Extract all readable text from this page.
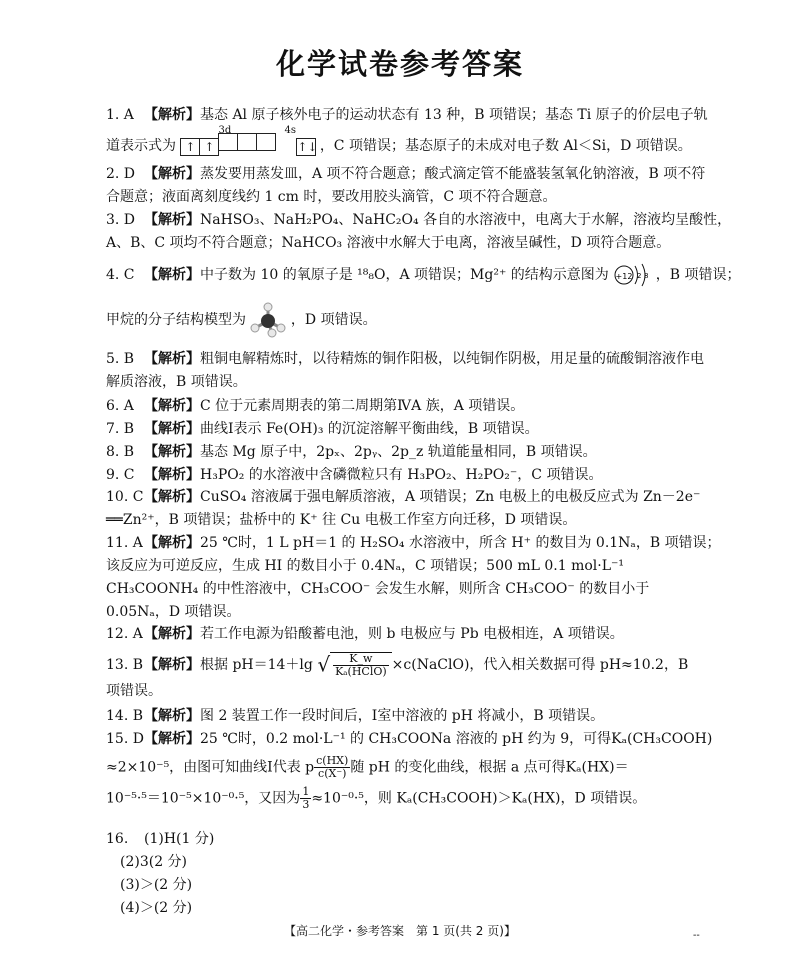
化学试卷参考答案
1. A 【解析】基态 Al 原子核外电子的运动状态有 13 种，B 项错误；基态 Ti 原子的价层电子轨
道表示式为
3d
↑ ↑
4s
↑↓ ，C 项错误；基态原子的未成对电子数 Al＜Si，D 项错误。
2. D 【解析】蒸发要用蒸发皿，A 项不符合题意；酸式滴定管不能盛装氢氧化钠溶液，B 项不符
合题意；液面离刻度线约 1 cm 时，要改用胶头滴管，C 项不符合题意。
3. D 【解析】NaHSO₃、NaH₂PO₄、NaHC₂O₄ 各自的水溶液中，电离大于水解，溶液均呈酸性，
A、B、C 项均不符合题意；NaHCO₃ 溶液中水解大于电离，溶液呈碱性，D 项符合题意。
4. C 【解析】中子数为 10 的氧原子是 ¹⁸₈O，A 项错误；Mg²⁺ 的结构示意图为 +12 2 8 ，B 项错误；
甲烷的分子结构模型为	，D 项错误。
5. B 【解析】粗铜电解精炼时，以待精炼的铜作阳极，以纯铜作阴极，用足量的硫酸铜溶液作电
解质溶液，B 项错误。
6. A 【解析】C 位于元素周期表的第二周期第ⅣA 族，A 项错误。
7. B 【解析】曲线Ⅰ表示 Fe(OH)₃ 的沉淀溶解平衡曲线，B 项错误。
8. B 【解析】基态 Mg 原子中，2pₓ、2pᵧ、2p_z 轨道能量相同，B 项错误。
9. C 【解析】H₃PO₂ 的水溶液中含磷微粒只有 H₃PO₂、H₂PO₂⁻，C 项错误。
10. C【解析】CuSO₄ 溶液属于强电解质溶液，A 项错误；Zn 电极上的电极反应式为 Zn－2e⁻
══Zn²⁺，B 项错误；盐桥中的 K⁺ 往 Cu 电极工作室方向迁移，D 项错误。
11. A【解析】25 ℃时，1 L pH＝1 的 H₂SO₄ 水溶液中，所含 H⁺ 的数目为 0.1Nₐ，B 项错误；
该反应为可逆反应，生成 HI 的数目小于 0.4Nₐ，C 项错误；500 mL 0.1 mol·L⁻¹
CH₃COONH₄ 的中性溶液中，CH₃COO⁻ 会发生水解，则所含 CH₃COO⁻ 的数目小于
0.05Nₐ，D 项错误。
12. A【解析】若工作电源为铅酸蓄电池，则 b 电极应与 Pb 电极相连，A 项错误。
13. B【解析】根据 pH＝14＋lg √ $\frac{K\_w}{\text{Kₐ(HClO)}}$ ×c(NaClO)，代入相关数据可得 pH≈10.2，B
项错误。
14. B【解析】图 2 装置工作一段时间后，Ⅰ室中溶液的 pH 将减小，B 项错误。
15. D【解析】25 ℃时，0.2 mol·L⁻¹ 的 CH₃COONa 溶液的 pH 约为 9，可得Kₐ(CH₃COOH)
≈2×10⁻⁵，由图可知曲线Ⅰ代表 p $\frac{c(HX)}{c(X^-)}$ 随 pH 的变化曲线，根据 a 点可得Kₐ(HX)＝
10⁻⁵·⁵＝10⁻⁵×10⁻⁰·⁵，又因为 $\frac{1}{3} \approx 10^{-0}\cdot^5$，则 Kₐ(CH₃COOH)＞Kₐ(HX)，D 项错误。
16. (1)H(1 分)
(2)3(2 分)
(3)＞(2 分)
(4)＞(2 分)
【高二化学・参考答案　第 1 页(共 2 页)】	--
